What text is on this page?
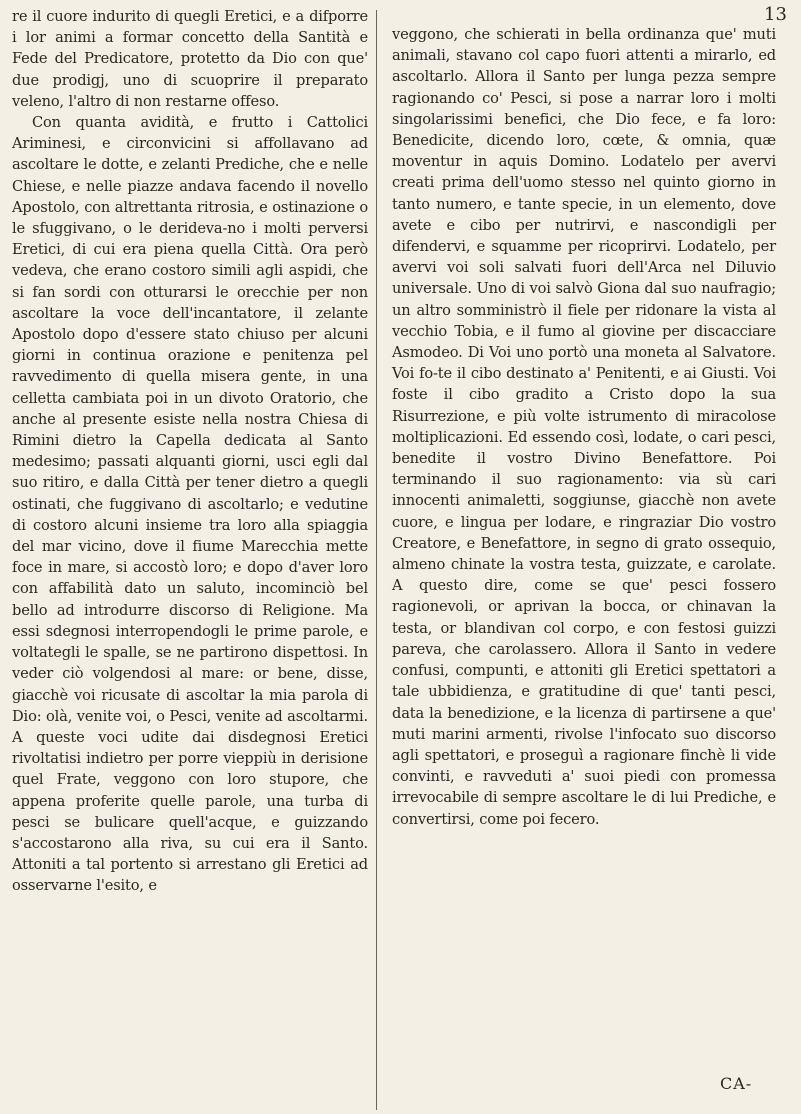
13

re il cuore indurito di quegli Eretici, e a difporre i lor animi a formar concetto della Santità e Fede del Predicatore, protetto da Dio con que' due prodigj, uno di scuoprire il preparato veleno, l'altro di non restarne offeso.

Con quanta avidità, e frutto i Cattolici Ariminesi, e circonvicini si affollavano ad ascoltare le dotte, e zelanti Prediche, che e nelle Chiese, e nelle piazze andava facendo il novello Apostolo, con altrettanta ritrosia, e ostinazione o le sfuggivano, o le derideva-no i molti perversi Eretici, di cui era piena quella Città. Ora però vedeva, che erano costoro simili agli aspidi, che si fan sordi con otturarsi le orecchie per non ascoltare la voce dell'incantatore, il zelante Apostolo dopo d'essere stato chiuso per alcuni giorni in continua orazione e penitenza pel ravvedimento di quella misera gente, in una celletta cambiata poi in un divoto Oratorio, che anche al presente esiste nella nostra Chiesa di Rimini dietro la Capella dedicata al Santo medesimo; passati alquanti giorni, usci egli dal suo ritiro, e dalla Città per tener dietro a quegli ostinati, che fuggivano di ascoltarlo; e vedutine di costoro alcuni insieme tra loro alla spiaggia del mar vicino, dove il fiume Marecchia mette foce in mare, si accostò loro; e dopo d'aver loro con affabilità dato un saluto, incominciò bel bello ad introdurre discorso di Religione. Ma essi sdegnosi interropendogli le prime parole, e voltategli le spalle, se ne partirono dispettosi. In veder ciò volgendosi al mare: or bene, disse, giacchè voi ricusate di ascoltar la mia parola di Dio: olà, venite voi, o Pesci, venite ad ascoltarmi. A queste voci udite dai disdegnosi Eretici rivoltatisi indietro per porre vieppiù in derisione quel Frate, veggono con loro stupore, che appena proferite quelle parole, una turba di pesci se bulicare quell'acque, e guizzando s'accostarono alla riva, su cui era il Santo. Attoniti a tal portento si arrestano gli Eretici ad osservarne l'esito, e

veggono, che schierati in bella ordinanza que' muti animali, stavano col capo fuori attenti a mirarlo, ed ascoltarlo. Allora il Santo per lunga pezza sempre ragionando co' Pesci, si pose a narrar loro i molti singolarissimi benefici, che Dio fece, e fa loro: Benedicite, dicendo loro, cœte, & omnia, quæ moventur in aquis Domino. Lodatelo per avervi creati prima dell'uomo stesso nel quinto giorno in tanto numero, e tante specie, in un elemento, dove avete e cibo per nutrirvi, e nascondigli per difendervi, e squamme per ricoprirvi. Lodatelo, per avervi voi soli salvati fuori dell'Arca nel Diluvio universale. Uno di voi salvò Giona dal suo naufragio; un altro somministrò il fiele per ridonare la vista al vecchio Tobia, e il fumo al giovine per discacciare Asmodeo. Di Voi uno portò una moneta al Salvatore. Voi fo-te il cibo destinato a' Penitenti, e ai Giusti. Voi foste il cibo gradito a Cristo dopo la sua Risurrezione, e più volte istrumento di miracolose moltiplicazioni. Ed essendo così, lodate, o cari pesci, benedite il vostro Divino Benefattore. Poi terminando il suo ragionamento: via sù cari innocenti animaletti, soggiunse, giacchè non avete cuore, e lingua per lodare, e ringraziar Dio vostro Creatore, e Benefattore, in segno di grato ossequio, almeno chinate la vostra testa, guizzate, e carolate. A questo dire, come se que' pesci fossero ragionevoli, or aprivan la bocca, or chinavan la testa, or blandivan col corpo, e con festosi guizzi pareva, che carolassero. Allora il Santo in vedere confusi, compunti, e attoniti gli Eretici spettatori a tale ubbidienza, e gratitudine di que' tanti pesci, data la benedizione, e la licenza di partirsene a que' muti marini armenti, rivolse l'infocato suo discorso agli spettatori, e proseguì a ragionare finchè li vide convinti, e ravveduti a' suoi piedi con promessa irrevocabile di sempre ascoltare le di lui Prediche, e convertirsi, come poi fecero.

CA-
